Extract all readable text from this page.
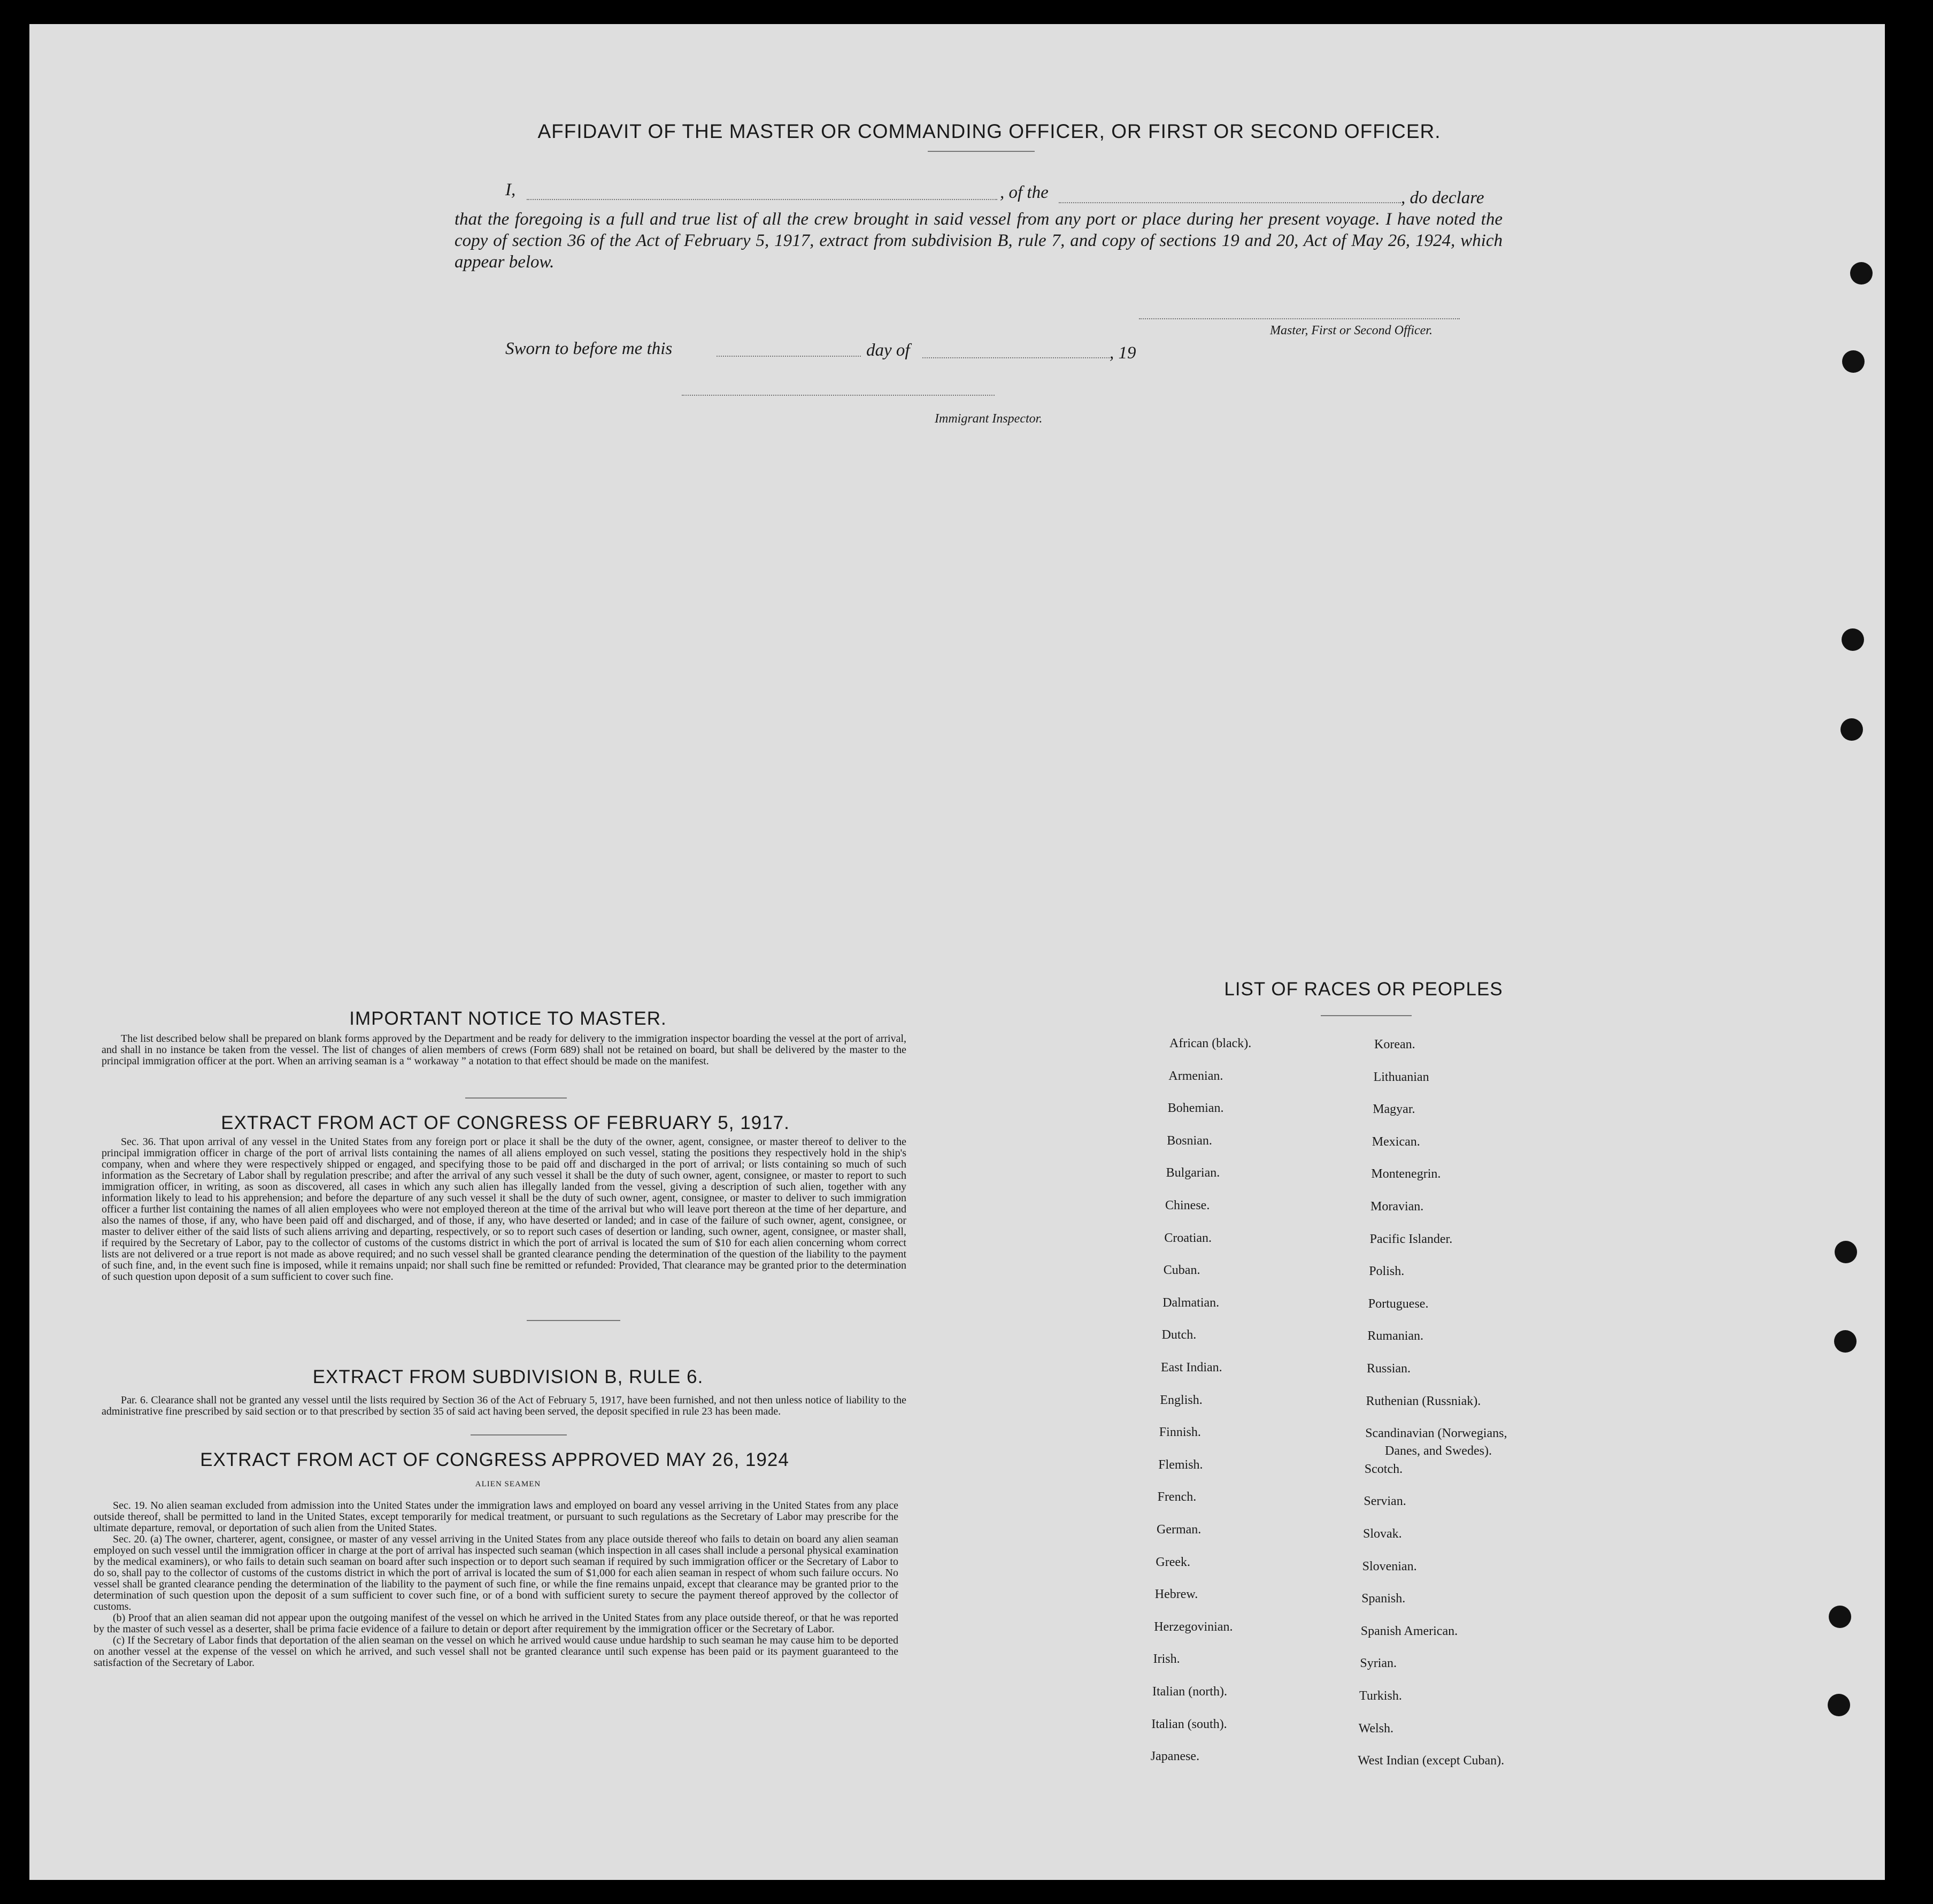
AFFIDAVIT OF THE MASTER OR COMMANDING OFFICER, OR FIRST OR SECOND OFFICER.
I,	, of the	, do declare
that the foregoing is a full and true list of all the crew brought in said vessel from any port or place during her present voyage. I have noted the copy of section 36 of the Act of February 5, 1917, extract from subdivision B, rule 7, and copy of sections 19 and 20, Act of May 26, 1924, which appear below.
Master, First or Second Officer.
Sworn to before me this	day of	, 19
Immigrant Inspector.
IMPORTANT NOTICE TO MASTER.

The list described below shall be prepared on blank forms approved by the Department and be ready for delivery to the immigration inspector boarding the vessel at the port of arrival, and shall in no instance be taken from the vessel. The list of changes of alien members of crews (Form 689) shall not be retained on board, but shall be delivered by the master to the principal immigration officer at the port. When an arriving seaman is a “ workaway ” a notation to that effect should be made on the manifest.

EXTRACT FROM ACT OF CONGRESS OF FEBRUARY 5, 1917.

Sec. 36. That upon arrival of any vessel in the United States from any foreign port or place it shall be the duty of the owner, agent, consignee, or master thereof to deliver to the principal immigration officer in charge of the port of arrival lists containing the names of all aliens employed on such vessel, stating the positions they respectively hold in the ship's company, when and where they were respectively shipped or engaged, and specifying those to be paid off and discharged in the port of arrival; or lists containing so much of such information as the Secretary of Labor shall by regulation prescribe; and after the arrival of any such vessel it shall be the duty of such owner, agent, consignee, or master to report to such immigration officer, in writing, as soon as discovered, all cases in which any such alien has illegally landed from the vessel, giving a description of such alien, together with any information likely to lead to his apprehension; and before the departure of any such vessel it shall be the duty of such owner, agent, consignee, or master to deliver to such immigration officer a further list containing the names of all alien employees who were not employed thereon at the time of the arrival but who will leave port thereon at the time of her departure, and also the names of those, if any, who have been paid off and discharged, and of those, if any, who have deserted or landed; and in case of the failure of such owner, agent, consignee, or master to deliver either of the said lists of such aliens arriving and departing, respectively, or so to report such cases of desertion or landing, such owner, agent, consignee, or master shall, if required by the Secretary of Labor, pay to the collector of customs of the customs district in which the port of arrival is located the sum of $10 for each alien concerning whom correct lists are not delivered or a true report is not made as above required; and no such vessel shall be granted clearance pending the determination of the question of the liability to the payment of such fine, and, in the event such fine is imposed, while it remains unpaid; nor shall such fine be remitted or refunded: Provided, That clearance may be granted prior to the determination of such question upon deposit of a sum sufficient to cover such fine.

EXTRACT FROM SUBDIVISION B, RULE 6.

Par. 6. Clearance shall not be granted any vessel until the lists required by Section 36 of the Act of February 5, 1917, have been furnished, and not then unless notice of liability to the administrative fine prescribed by said section or to that prescribed by section 35 of said act having been served, the deposit specified in rule 23 has been made.

EXTRACT FROM ACT OF CONGRESS APPROVED MAY 26, 1924
ALIEN SEAMEN

Sec. 19. No alien seaman excluded from admission into the United States under the immigration laws and employed on board any vessel arriving in the United States from any place outside thereof, shall be permitted to land in the United States, except temporarily for medical treatment, or pursuant to such regulations as the Secretary of Labor may prescribe for the ultimate departure, removal, or deportation of such alien from the United States.

Sec. 20. (a) The owner, charterer, agent, consignee, or master of any vessel arriving in the United States from any place outside thereof who fails to detain on board any alien seaman employed on such vessel until the immigration officer in charge at the port of arrival has inspected such seaman (which inspection in all cases shall include a personal physical examination by the medical examiners), or who fails to detain such seaman on board after such inspection or to deport such seaman if required by such immigration officer or the Secretary of Labor to do so, shall pay to the collector of customs of the customs district in which the port of arrival is located the sum of $1,000 for each alien seaman in respect of whom such failure occurs. No vessel shall be granted clearance pending the determination of the liability to the payment of such fine, or while the fine remains unpaid, except that clearance may be granted prior to the determination of such question upon the deposit of a sum sufficient to cover such fine, or of a bond with sufficient surety to secure the payment thereof approved by the collector of customs.

(b) Proof that an alien seaman did not appear upon the outgoing manifest of the vessel on which he arrived in the United States from any place outside thereof, or that he was reported by the master of such vessel as a deserter, shall be prima facie evidence of a failure to detain or deport after requirement by the immigration officer or the Secretary of Labor.

(c) If the Secretary of Labor finds that deportation of the alien seaman on the vessel on which he arrived would cause undue hardship to such seaman he may cause him to be deported on another vessel at the expense of the vessel on which he arrived, and such vessel shall not be granted clearance until such expense has been paid or its payment guaranteed to the satisfaction of the Secretary of Labor.

LIST OF RACES OR PEOPLES
African (black).
Armenian.
Bohemian.
Bosnian.
Bulgarian.
Chinese.
Croatian.
Cuban.
Dalmatian.
Dutch.
East Indian.
English.
Finnish.
Flemish.
French.
German.
Greek.
Hebrew.
Herzegovinian.
Irish.
Italian (north).
Italian (south).
Japanese.
Korean.
Lithuanian
Magyar.
Mexican.
Montenegrin.
Moravian.
Pacific Islander.
Polish.
Portuguese.
Rumanian.
Russian.
Ruthenian (Russniak).
Scandinavian (Norwegians,
Scotch.
Servian.
Slovak.
Slovenian.
Spanish.
Spanish American.
Syrian.
Turkish.
Welsh.
West Indian (except Cuban).
Danes, and Swedes).
